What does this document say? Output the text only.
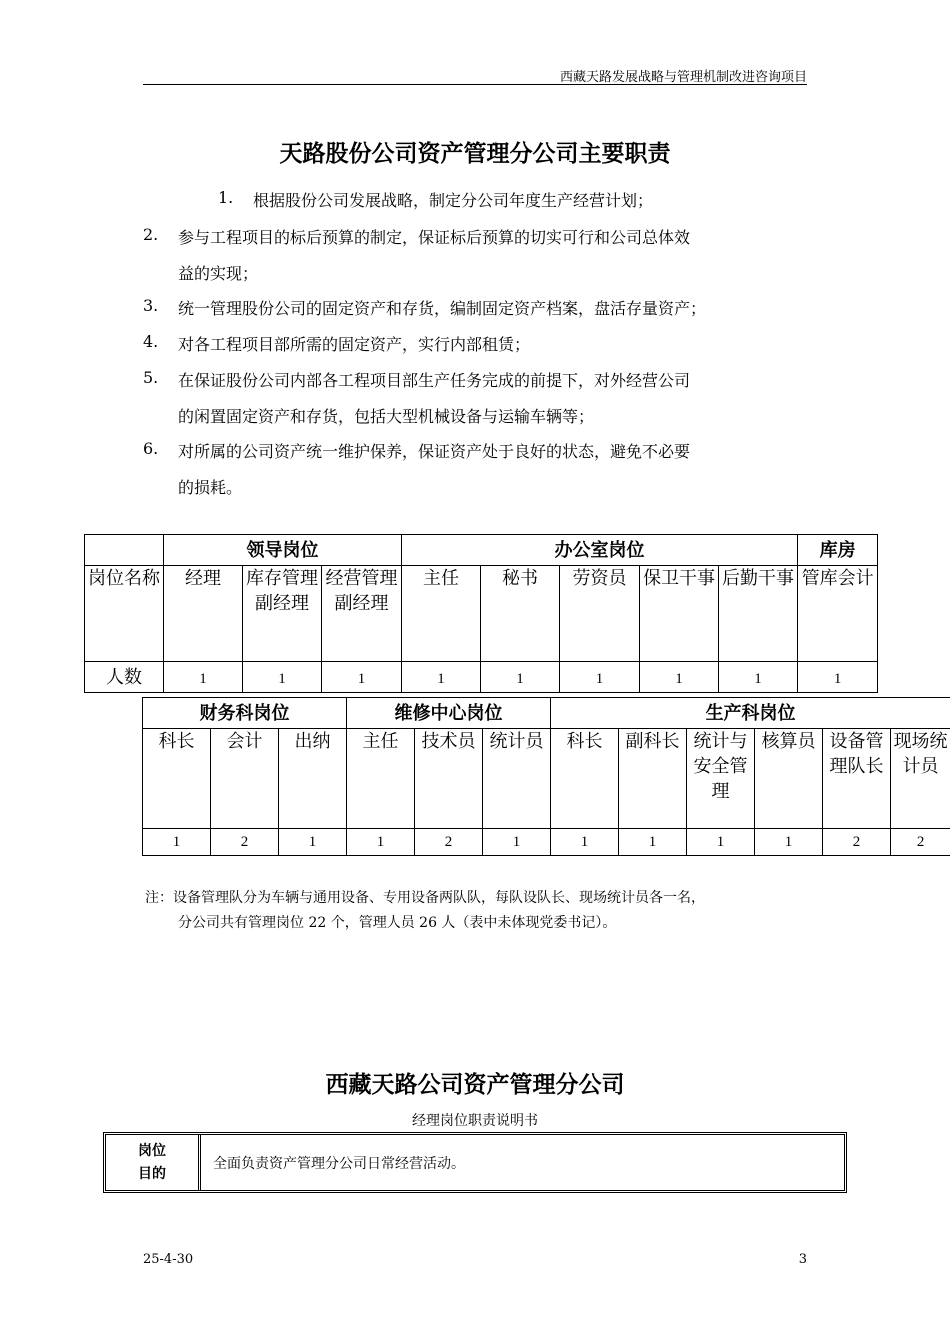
西藏天路发展战略与管理机制改进咨询项目
天路股份公司资产管理分公司主要职责
1. 根据股份公司发展战略，制定分公司年度生产经营计划；
2. 参与工程项目的标后预算的制定，保证标后预算的切实可行和公司总体效
益的实现；
3. 统一管理股份公司的固定资产和存货，编制固定资产档案，盘活存量资产；
4. 对各工程项目部所需的固定资产，实行内部租赁；
5. 在保证股份公司内部各工程项目部生产任务完成的前提下，对外经营公司
的闲置固定资产和存货，包括大型机械设备与运输车辆等；
6. 对所属的公司资产统一维护保养，保证资产处于良好的状态，避免不必要
的损耗。
	领导岗位			办公室岗位					库房
岗位名称	经理	库存管理副经理	经营管理副经理	主任	秘书	劳资员	保卫干事	后勤干事	管库会计
人数	1	1	1	1	1	1	1	1	1
财务科岗位			维修中心岗位			生产科岗位					
科长	会计	出纳	主任	技术员	统计员	科长	副科长	统计与安全管理	核算员	设备管理队长	现场统计员
1	2	1	1	2	1	1	1	1	1	2	2
注：设备管理队分为车辆与通用设备、专用设备两队队，每队设队长、现场统计员各一名，
分公司共有管理岗位 22 个，管理人员 26 人（表中未体现党委书记）。
西藏天路公司资产管理分公司
经理岗位职责说明书
岗位
目的
全面负责资产管理分公司日常经营活动。
25-4-30	3
